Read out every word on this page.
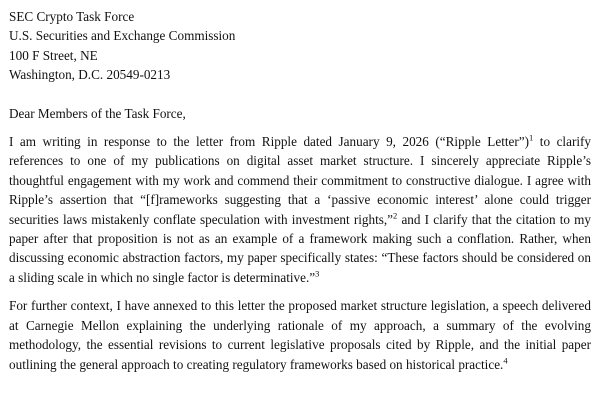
SEC Crypto Task Force
U.S. Securities and Exchange Commission
100 F Street, NE
Washington, D.C. 20549-0213
Dear Members of the Task Force,

I am writing in response to the letter from Ripple dated January 9, 2026 (“Ripple Letter”)$^1$ to clarify references to one of my publications on digital asset market structure. I sincerely appreciate Ripple’s thoughtful engagement with my work and commend their commitment to constructive dialogue. I agree with Ripple’s assertion that “[f]rameworks suggesting that a ‘passive economic interest’ alone could trigger securities laws mistakenly conflate speculation with investment rights,”$^2$ and I clarify that the citation to my paper after that proposition is not as an example of a framework making such a conflation. Rather, when discussing economic abstraction factors, my paper specifically states: “These factors should be considered on a sliding scale in which no single factor is determinative.”$^3$

For further context, I have annexed to this letter the proposed market structure legislation, a speech delivered at Carnegie Mellon explaining the underlying rationale of my approach, a summary of the evolving methodology, the essential revisions to current legislative proposals cited by Ripple, and the initial paper outlining the general approach to creating regulatory frameworks based on historical practice.$^4$
